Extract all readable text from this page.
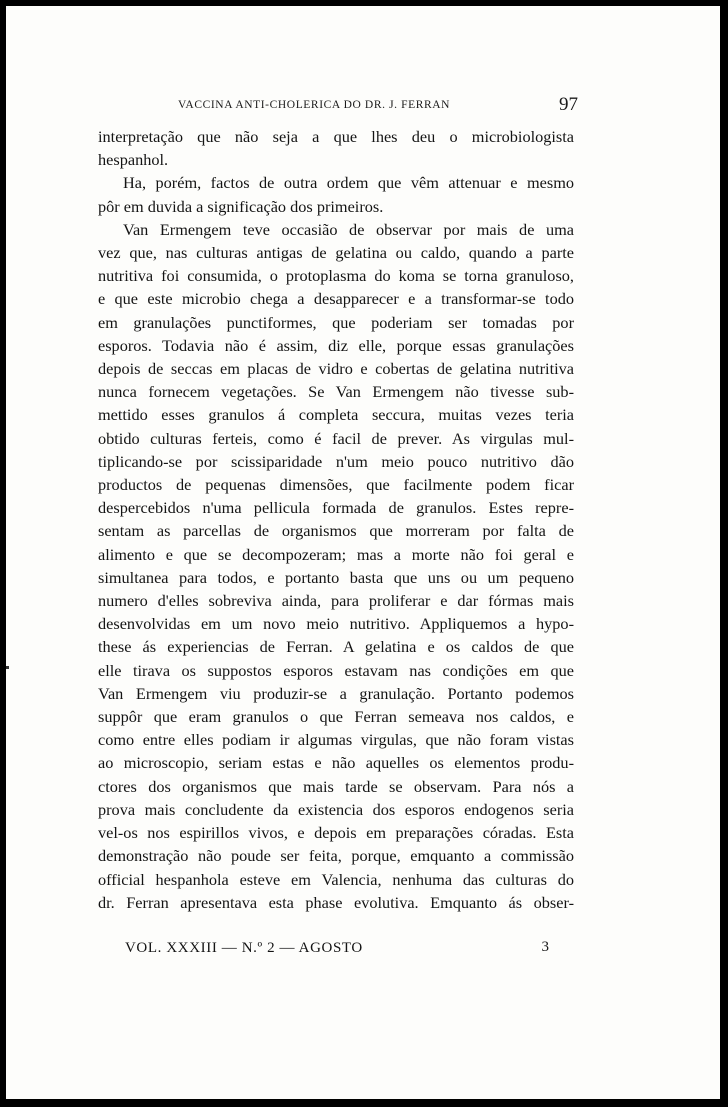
VACCINA ANTI-CHOLERICA DO DR. J. FERRAN	97

interpretação que não seja a que lhes deu o microbiologista
hespanhol.

Ha, porém, factos de outra ordem que vêm attenuar e mesmo
pôr em duvida a significação dos primeiros.

Van Ermengem teve occasião de observar por mais de uma
vez que, nas culturas antigas de gelatina ou caldo, quando a parte
nutritiva foi consumida, o protoplasma do koma se torna granuloso,
e que este microbio chega a desapparecer e a transformar-se todo
em granulações punctiformes, que poderiam ser tomadas por
esporos. Todavia não é assim, diz elle, porque essas granulações
depois de seccas em placas de vidro e cobertas de gelatina nutritiva
nunca fornecem vegetações. Se Van Ermengem não tivesse sub-
mettido esses granulos á completa seccura, muitas vezes teria
obtido culturas ferteis, como é facil de prever. As virgulas mul-
tiplicando-se por scissiparidade n'um meio pouco nutritivo dão
productos de pequenas dimensões, que facilmente podem ficar
despercebidos n'uma pellicula formada de granulos. Estes repre-
sentam as parcellas de organismos que morreram por falta de
alimento e que se decompozeram; mas a morte não foi geral e
simultanea para todos, e portanto basta que uns ou um pequeno
numero d'elles sobreviva ainda, para proliferar e dar fórmas mais
desenvolvidas em um novo meio nutritivo. Appliquemos a hypo-
these ás experiencias de Ferran. A gelatina e os caldos de que
elle tirava os suppostos esporos estavam nas condições em que
Van Ermengem viu produzir-se a granulação. Portanto podemos
suppôr que eram granulos o que Ferran semeava nos caldos, e
como entre elles podiam ir algumas virgulas, que não foram vistas
ao microscopio, seriam estas e não aquelles os elementos produ-
ctores dos organismos que mais tarde se observam. Para nós a
prova mais concludente da existencia dos esporos endogenos seria
vel-os nos espirillos vivos, e depois em preparações córadas. Esta
demonstração não poude ser feita, porque, emquanto a commissão
official hespanhola esteve em Valencia, nenhuma das culturas do
dr. Ferran apresentava esta phase evolutiva. Emquanto ás obser-

VOL. XXXIII — N.º 2 — AGOSTO	3
